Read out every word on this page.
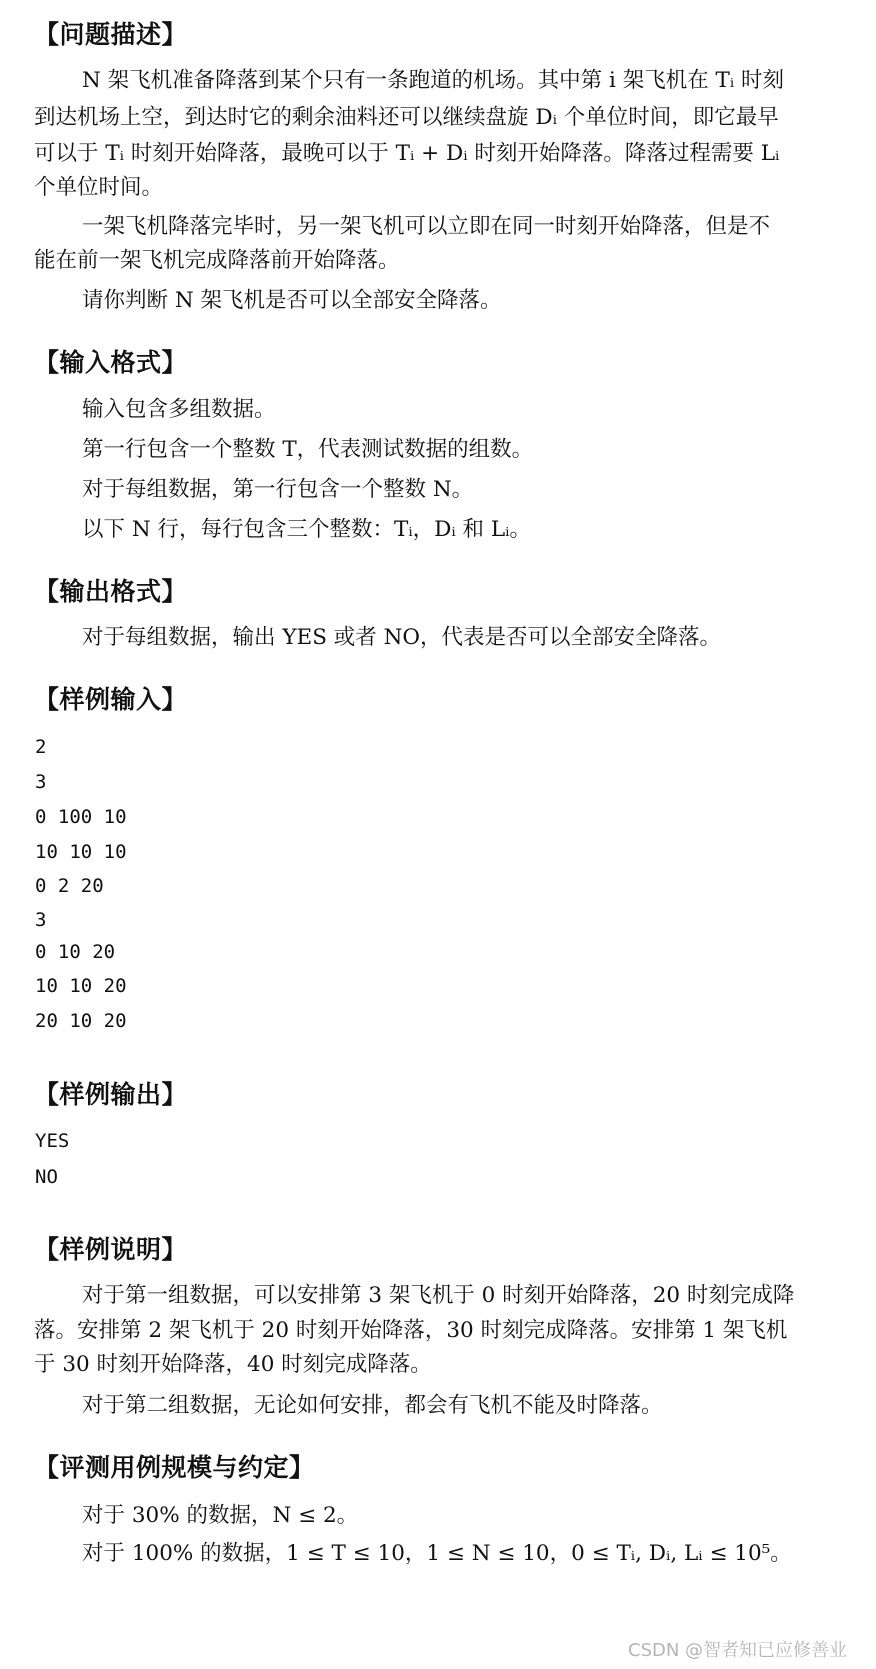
【问题描述】
N 架飞机准备降落到某个只有一条跑道的机场。其中第 i 架飞机在 Tᵢ 时刻
到达机场上空，到达时它的剩余油料还可以继续盘旋 Dᵢ 个单位时间，即它最早
可以于 Tᵢ 时刻开始降落，最晚可以于 Tᵢ + Dᵢ 时刻开始降落。降落过程需要 Lᵢ
个单位时间。
一架飞机降落完毕时，另一架飞机可以立即在同一时刻开始降落，但是不
能在前一架飞机完成降落前开始降落。
请你判断 N 架飞机是否可以全部安全降落。
【输入格式】
输入包含多组数据。
第一行包含一个整数 T，代表测试数据的组数。
对于每组数据，第一行包含一个整数 N。
以下 N 行，每行包含三个整数：Tᵢ，Dᵢ 和 Lᵢ。
【输出格式】
对于每组数据，输出 YES 或者 NO，代表是否可以全部安全降落。
【样例输入】
2
3
0 100 10
10 10 10
0 2 20
3
0 10 20
10 10 20
20 10 20
【样例输出】
YES
NO
【样例说明】
对于第一组数据，可以安排第 3 架飞机于 0 时刻开始降落，20 时刻完成降
落。安排第 2 架飞机于 20 时刻开始降落，30 时刻完成降落。安排第 1 架飞机
于 30 时刻开始降落，40 时刻完成降落。
对于第二组数据，无论如何安排，都会有飞机不能及时降落。
【评测用例规模与约定】
对于 30% 的数据，N ≤ 2。
对于 100% 的数据，1 ≤ T ≤ 10，1 ≤ N ≤ 10，0 ≤ Tᵢ, Dᵢ, Lᵢ ≤ 10⁵。
CSDN @智者知已应修善业
